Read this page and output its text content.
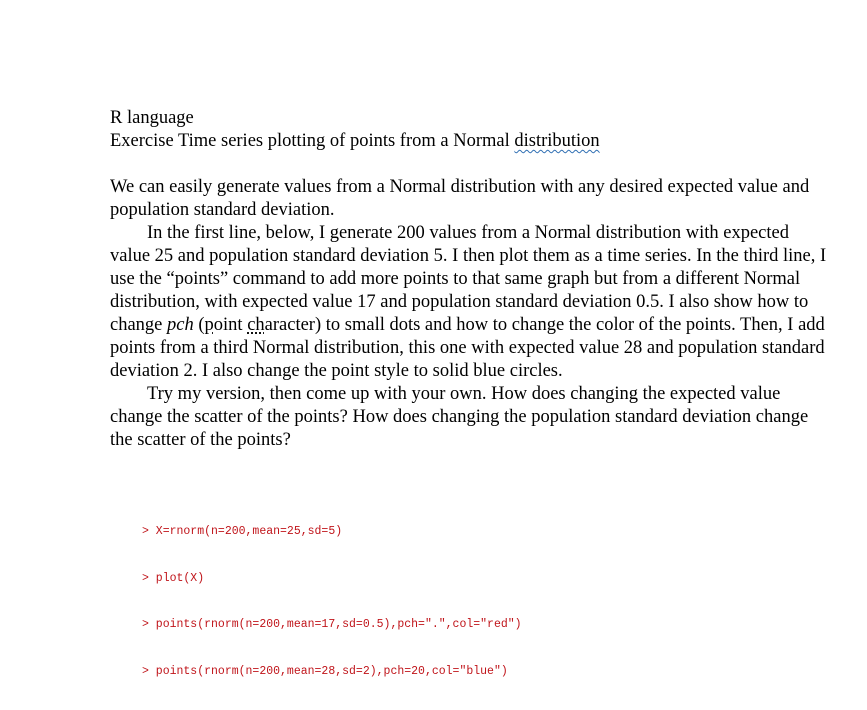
R language

Exercise Time series plotting of points from a Normal distribution

We can easily generate values from a Normal distribution with any desired expected value and population standard deviation.

In the first line, below, I generate 200 values from a Normal distribution with expected value 25 and population standard deviation 5. I then plot them as a time series. In the third line, I use the “points” command to add more points to that same graph but from a different Normal distribution, with expected value 17 and population standard deviation 0.5. I also show how to change pch (point character) to small dots and how to change the color of the points. Then, I add points from a third Normal distribution, this one with expected value 28 and population standard deviation 2. I also change the point style to solid blue circles.

Try my version, then come up with your own. How does changing the expected value change the scatter of the points? How does changing the population standard deviation change the scatter of the points?

> X=rnorm(n=200,mean=25,sd=5)

> plot(X)

> points(rnorm(n=200,mean=17,sd=0.5),pch=".",col="red")

> points(rnorm(n=200,mean=28,sd=2),pch=20,col="blue")
